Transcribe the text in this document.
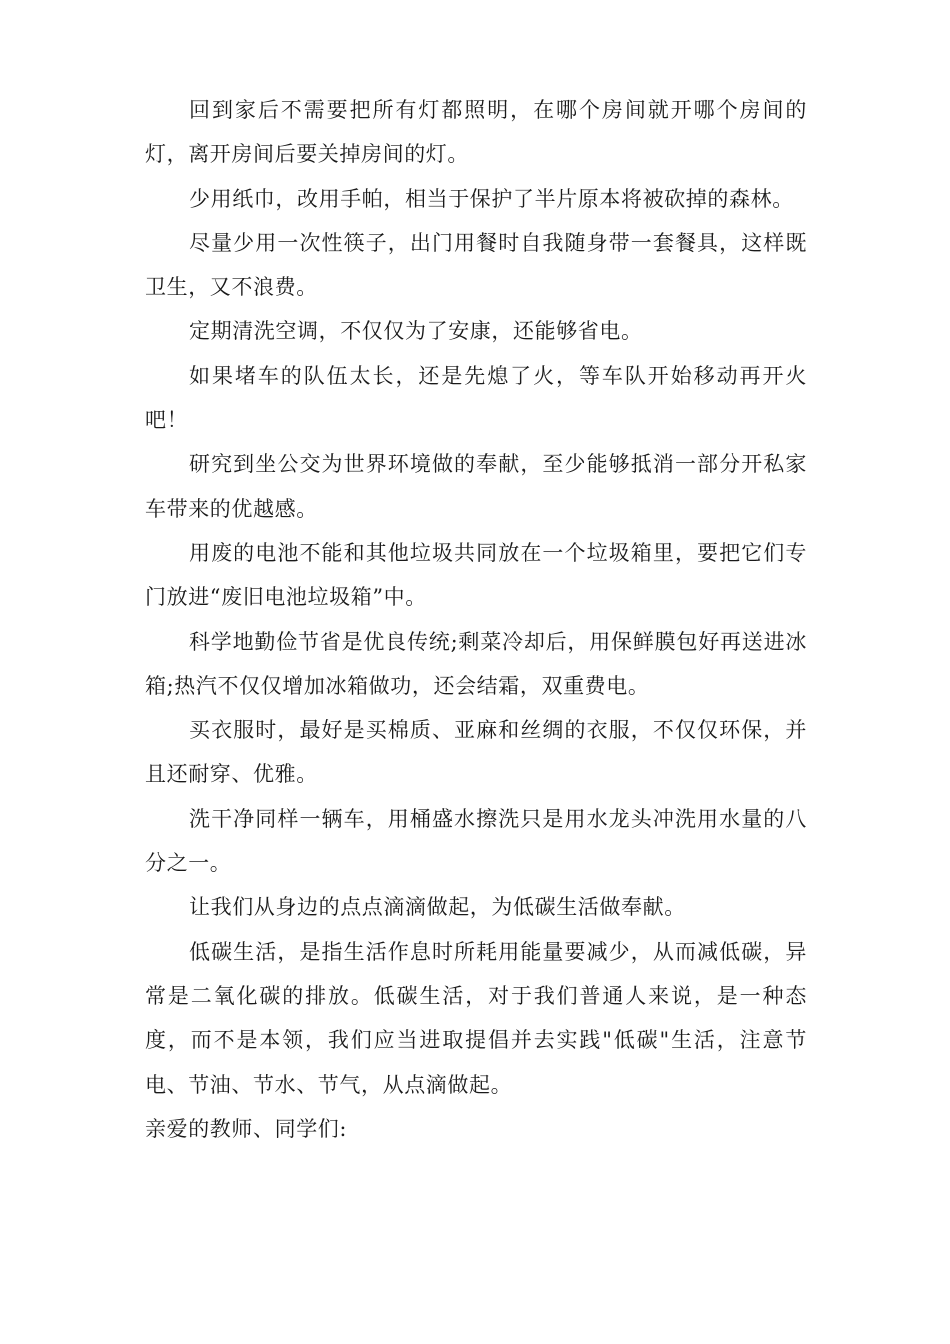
回到家后不需要把所有灯都照明，在哪个房间就开哪个房间的灯，离开房间后要关掉房间的灯。

少用纸巾，改用手帕，相当于保护了半片原本将被砍掉的森林。

尽量少用一次性筷子，出门用餐时自我随身带一套餐具，这样既卫生，又不浪费。

定期清洗空调，不仅仅为了安康，还能够省电。

如果堵车的队伍太长，还是先熄了火，等车队开始移动再开火吧！

研究到坐公交为世界环境做的奉献，至少能够抵消一部分开私家车带来的优越感。

用废的电池不能和其他垃圾共同放在一个垃圾箱里，要把它们专门放进“废旧电池垃圾箱”中。

科学地勤俭节省是优良传统;剩菜冷却后，用保鲜膜包好再送进冰箱;热汽不仅仅增加冰箱做功，还会结霜，双重费电。

买衣服时，最好是买棉质、亚麻和丝绸的衣服，不仅仅环保，并且还耐穿、优雅。

洗干净同样一辆车，用桶盛水擦洗只是用水龙头冲洗用水量的八分之一。

让我们从身边的点点滴滴做起，为低碳生活做奉献。

低碳生活，是指生活作息时所耗用能量要减少，从而减低碳，异常是二氧化碳的排放。低碳生活，对于我们普通人来说，是一种态度，而不是本领，我们应当进取提倡并去实践"低碳"生活，注意节电、节油、节水、节气，从点滴做起。

亲爱的教师、同学们:
